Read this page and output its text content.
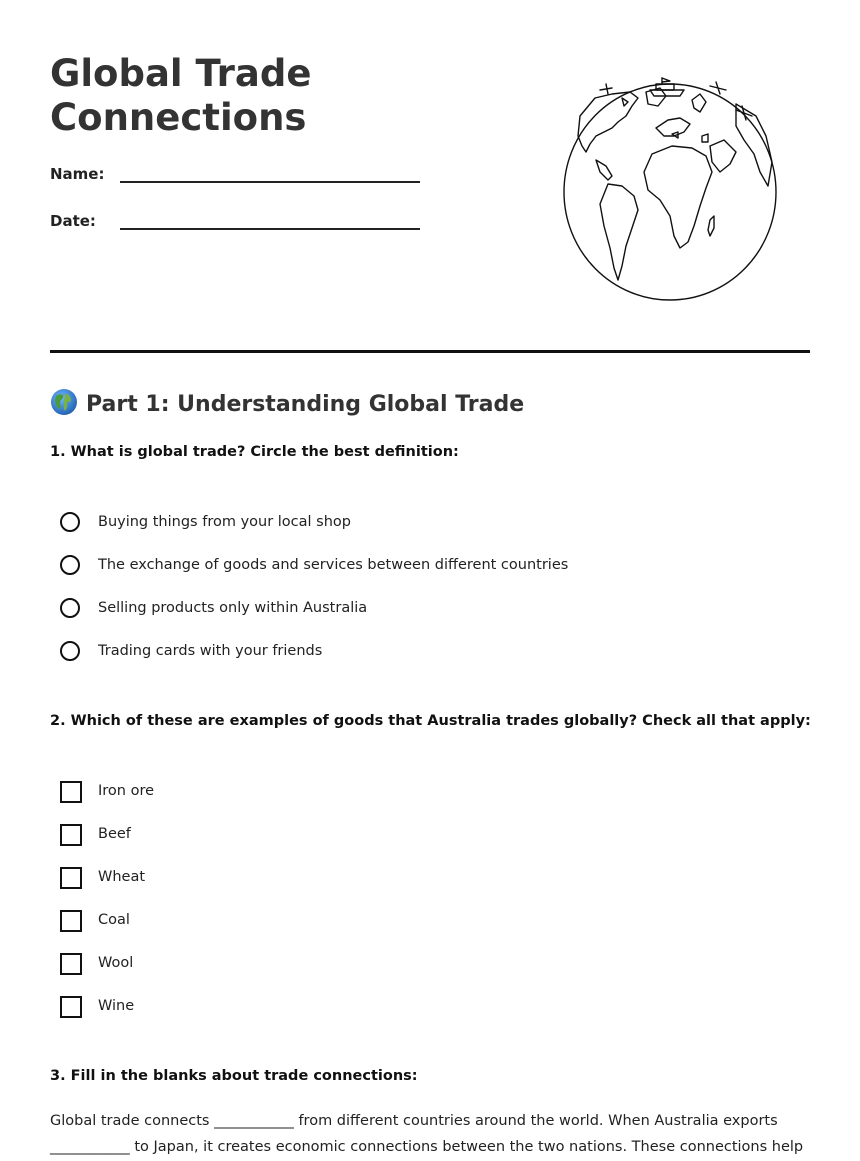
Global Trade
Connections
Name:
Date:
Part 1: Understanding Global Trade

1. What is global trade? Circle the best definition:

Buying things from your local shop
The exchange of goods and services between different countries
Selling products only within Australia
Trading cards with your friends

2. Which of these are examples of goods that Australia trades globally? Check all that apply:

Iron ore
Beef
Wheat
Coal
Wool
Wine

3. Fill in the blanks about trade connections:

Global trade connects ___________ from different countries around the world. When Australia exports ___________ to Japan, it creates economic connections between the two nations. These connections help
